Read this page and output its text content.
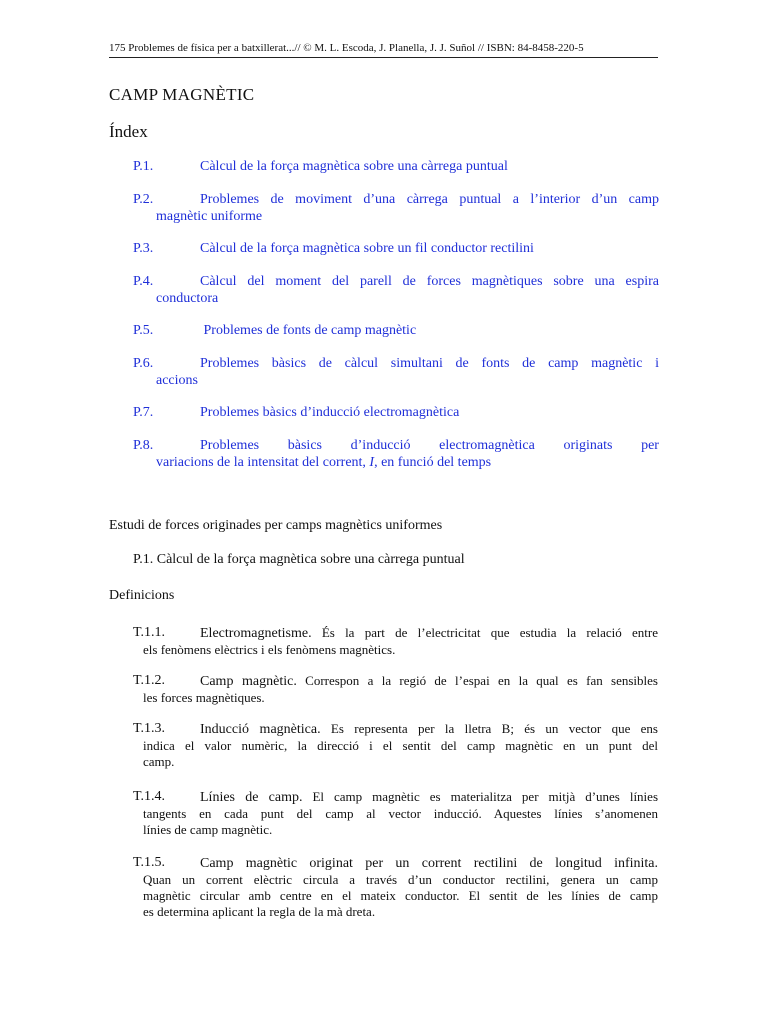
175 Problemes de física per a batxillerat...// © M. L. Escoda, J. Planella, J. J. Suñol // ISBN: 84-8458-220-5
CAMP MAGNÈTIC
Índex
P.1.	Càlcul de la força magnètica sobre una càrrega puntual
P.2.	Problemes de moviment d’una càrrega puntual a l’interior d’un camp
magnètic uniforme
P.3.	Càlcul de la força magnètica sobre un fil conductor rectilini
P.4.	Càlcul del moment del parell de forces magnètiques sobre una espira
conductora
P.5.	Problemes de fonts de camp magnètic
P.6.	Problemes bàsics de càlcul simultani de fonts de camp magnètic i
accions
P.7.	Problemes bàsics d’inducció electromagnètica
P.8.	Problemes bàsics d’inducció electromagnètica originats per
variacions de la intensitat del corrent, I, en funció del temps
Estudi de forces originades per camps magnètics uniformes
P.1. Càlcul de la força magnètica sobre una càrrega puntual
Definicions
T.1.1.	Electromagnetisme. És la part de l’electricitat que estudia la relació entre
els fenòmens elèctrics i els fenòmens magnètics.
T.1.2.	Camp magnètic. Correspon a la regió de l’espai en la qual es fan sensibles
les forces magnètiques.
T.1.3.	Inducció magnètica. Es representa per la lletra B; és un vector que ens
indica el valor numèric, la direcció i el sentit del camp magnètic en un punt del
camp.
T.1.4.	Línies de camp. El camp magnètic es materialitza per mitjà d’unes línies
tangents en cada punt del camp al vector inducció. Aquestes línies s’anomenen
línies de camp magnètic.
T.1.5.	Camp magnètic originat per un corrent rectilini de longitud infinita.
Quan un corrent elèctric circula a través d’un conductor rectilini, genera un camp
magnètic circular amb centre en el mateix conductor. El sentit de les línies de camp
es determina aplicant la regla de la mà dreta.
